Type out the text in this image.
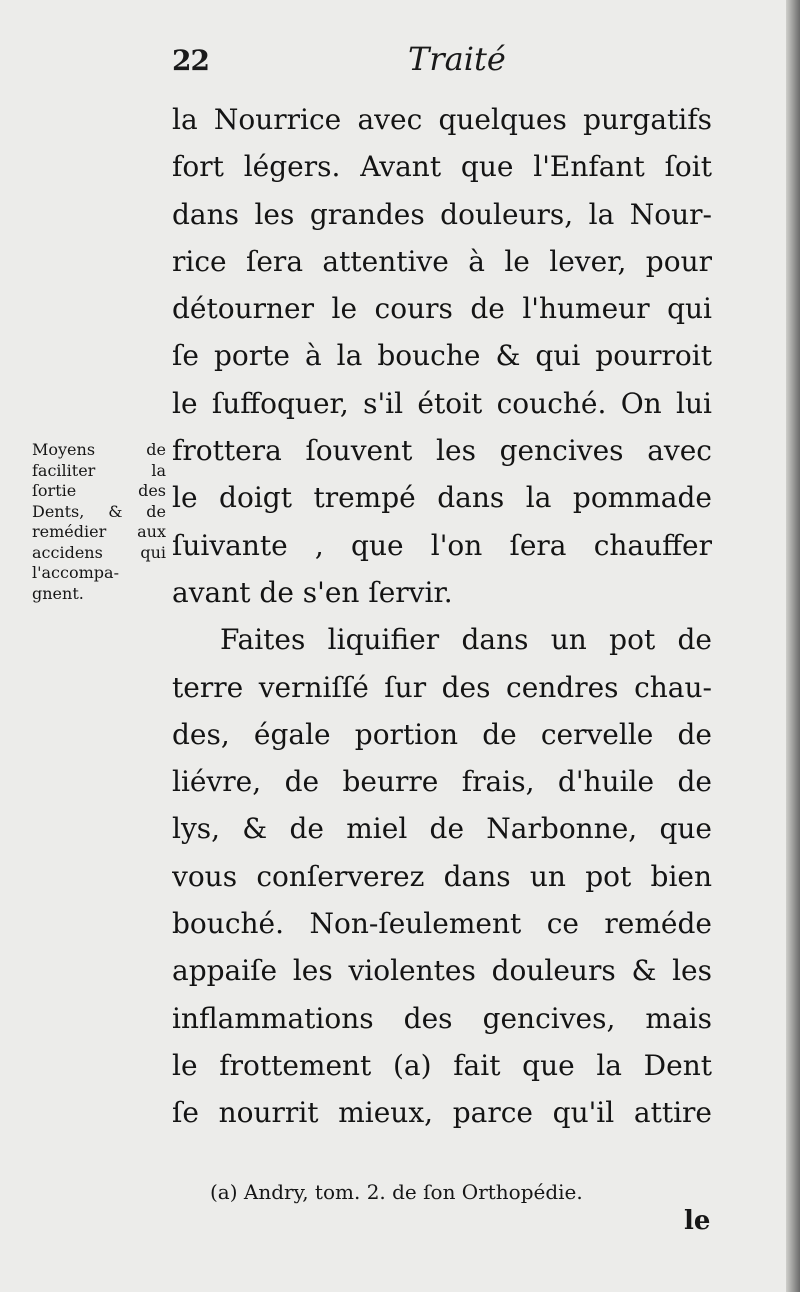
22	Traité
Moyens de
faciliter la
ſortie des
Dents, & de
remédier aux
accidens qui
l'accompa-
gnent.
la Nourrice avec quelques purgatifs
fort légers. Avant que l'Enfant ſoit
dans les grandes douleurs, la Nour-
rice ſera attentive à le lever, pour
détourner le cours de l'humeur qui
ſe porte à la bouche & qui pourroit
le ſuffoquer, s'il étoit couché. On lui
frottera ſouvent les gencives avec
le doigt trempé dans la pommade
ſuivante , que l'on ſera chauffer
avant de s'en ſervir.
Faites liquifier dans un pot de
terre verniſſé ſur des cendres chau-
des, égale portion de cervelle de
liévre, de beurre frais, d'huile de
lys, & de miel de Narbonne, que
vous conſerverez dans un pot bien
bouché. Non-ſeulement ce reméde
appaiſe les violentes douleurs & les
inflammations des gencives, mais
le frottement (a) fait que la Dent
ſe nourrit mieux, parce qu'il attire
(a) Andry, tom. 2. de ſon Orthopédie.
le
